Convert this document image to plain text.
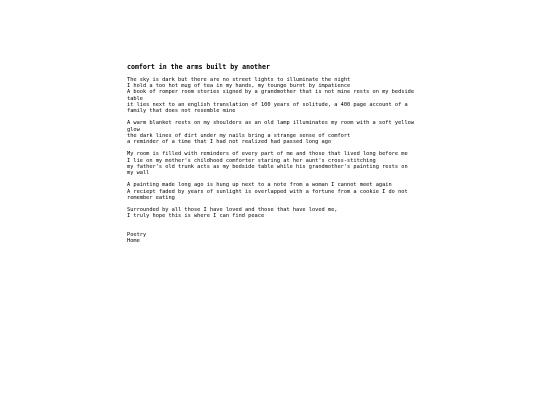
comfort in the arms built by another
The sky is dark but there are no street lights to illuminate the night
I hold a too hot mug of tea in my hands, my tounge burnt by impatience
A book of romper room stories signed by a grandmother that is not mine rests on my bedside table
it lies next to an english translation of 100 years of solitude, a 400 page account of a family that does not resemble mine
A warm blanket rests on my shoulders as an old lamp illuminates my room with a soft yellow glow
the dark lines of dirt under my nails bring a strange sense of comfort
a reminder of a time that I had not realized had passed long ago
My room is filled with reminders of every part of me and those that lived long before me
I lie on my mother's childhood comforter staring at her aunt's cross-stitching
my father's old trunk acts as my bedside table while his grandmother's painting rests on my wall
A painting made long ago is hung up next to a note from a woman I cannot meet again
A reciept faded by years of sunlight is overlapped with a fortune from a cookie I do not remember eating
Surrounded by all those I have loved and those that have loved me,
I truly hope this is where I can find peace
Poetry
Home
